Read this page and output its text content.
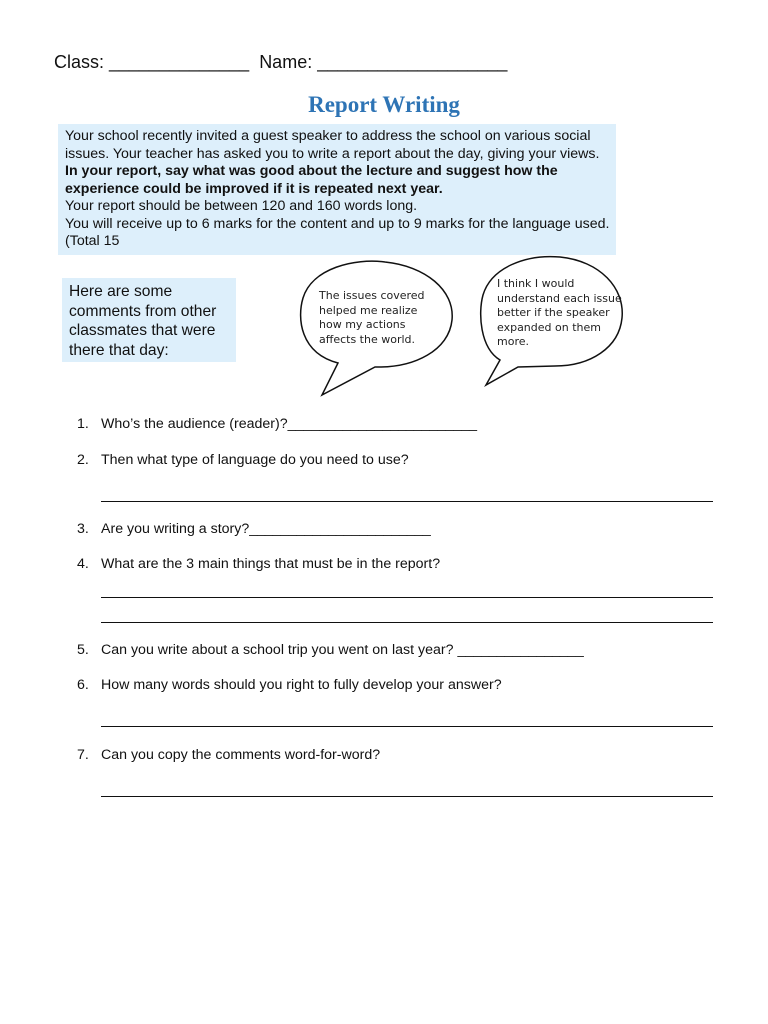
Class: ______________ Name: ___________________
Report Writing

Your school recently invited a guest speaker to address the school on various social issues. Your teacher has asked you to write a report about the day, giving your views.

In your report, say what was good about the lecture and suggest how the experience could be improved if it is repeated next year.

Your report should be between 120 and 160 words long.

You will receive up to 6 marks for the content and up to 9 marks for the language used. (Total 15

Here are some comments from other classmates that were there that day:
The issues covered helped me realize how my actions affects the world.
I think I would understand each issue better if the speaker expanded on them more.
1. Who’s the audience (reader)?________________________
2. Then what type of language do you need to use?
3. Are you writing a story?_______________________
4. What are the 3 main things that must be in the report?
5. Can you write about a school trip you went on last year? ________________
6. How many words should you right to fully develop your answer?
7. Can you copy the comments word-for-word?
